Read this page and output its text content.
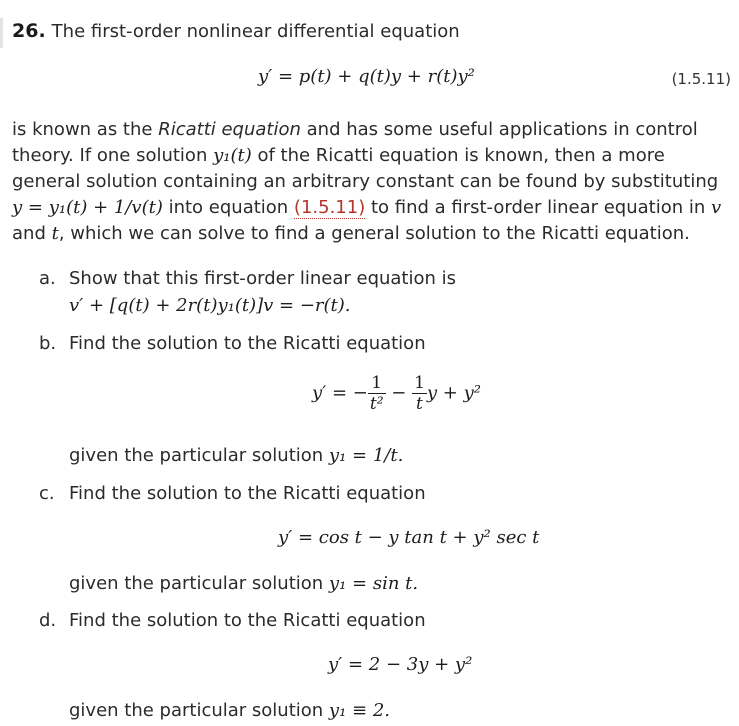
26. The first-order nonlinear differential equation
y′ = p(t) + q(t)y + r(t)y²	(1.5.11)
is known as the Ricatti equation and has some useful applications in control
theory. If one solution y₁(t) of the Ricatti equation is known, then a more
general solution containing an arbitrary constant can be found by substituting
y = y₁(t) + 1/v(t) into equation (1.5.11) to find a first-order linear equation in v
and t, which we can solve to find a general solution to the Ricatti equation.
a. Show that this first-order linear equation is
v′ + [q(t) + 2r(t)y₁(t)]v = −r(t).
b. Find the solution to the Ricatti equation
y′ = − $\frac{1}{\text{t²}} - \frac{1}{t}$ y + y²
given the particular solution y₁ = 1/t.
c. Find the solution to the Ricatti equation
y′ = cos t − y tan t + y² sec t
given the particular solution y₁ = sin t.
d. Find the solution to the Ricatti equation
y′ = 2 − 3y + y²
given the particular solution y₁ ≡ 2.
